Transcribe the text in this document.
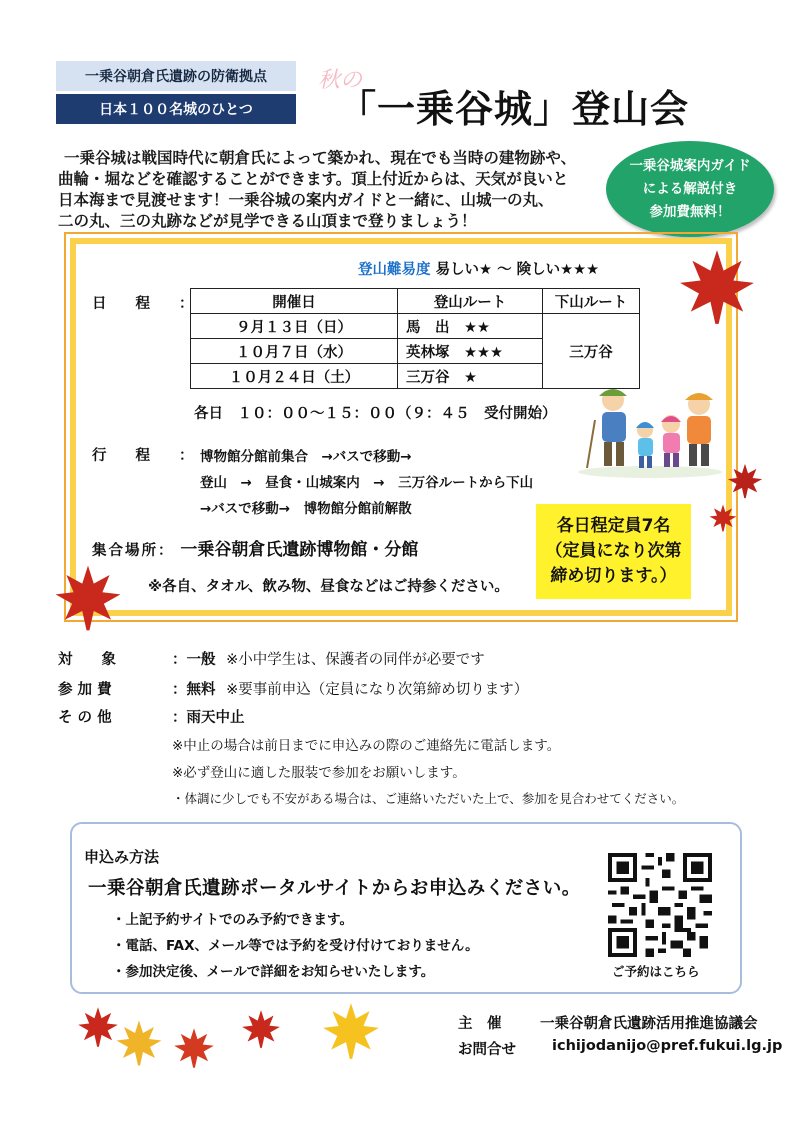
一乗谷朝倉氏遺跡の防衛拠点
日本１００名城のひとつ
秋の
「一乗谷城」登山会
一乗谷城は戦国時代に朝倉氏によって築かれ、現在でも当時の建物跡や、
曲輪・堀などを確認することができます。頂上付近からは、天気が良いと
日本海まで見渡せます！一乗谷城の案内ガイドと一緒に、山城一の丸、
二の丸、三の丸跡などが見学できる山頂まで登りましょう！
一乗谷城案内ガイド
による解説付き
参加費無料！
登山難易度 易しい★ ～ 険しい★★★
日　　程　　：	開催日	登山ルート	下山ルート
９月１３日（日）	馬　出　★★	三万谷
１０月７日（水）	英林塚　★★★	
１０月２４日（土）	三万谷　★	
各日　１０：００～１５：００（９：４５　受付開始）
行　　程　　： 博物館分館前集合　→バスで移動→
登山　→　昼食・山城案内　→　三万谷ルートから下山
→バスで移動→　博物館分館前解散
集合場所： 一乗谷朝倉氏遺跡博物館・分館
各日程定員7名
（定員になり次第
締め切ります。）
※各自、タオル、飲み物、昼食などはご持参ください。
対　　象	：一般 ※小中学生は、保護者の同伴が必要です
参 加 費	：無料 ※要事前申込（定員になり次第締め切ります）
そ の 他	：雨天中止
※中止の場合は前日までに申込みの際のご連絡先に電話します。
※必ず登山に適した服装で参加をお願いします。
・体調に少しでも不安がある場合は、ご連絡いただいた上で、参加を見合わせてください。
申込み方法
一乗谷朝倉氏遺跡ポータルサイトからお申込みください。
・上記予約サイトでのみ予約できます。
・電話、FAX、メール等では予約を受け付けておりません。
・参加決定後、メールで詳細をお知らせいたします。	ご予約はこちら
主　催	一乗谷朝倉氏遺跡活用推進協議会
お問合せ ichijodanijo@pref.fukui.lg.jp
